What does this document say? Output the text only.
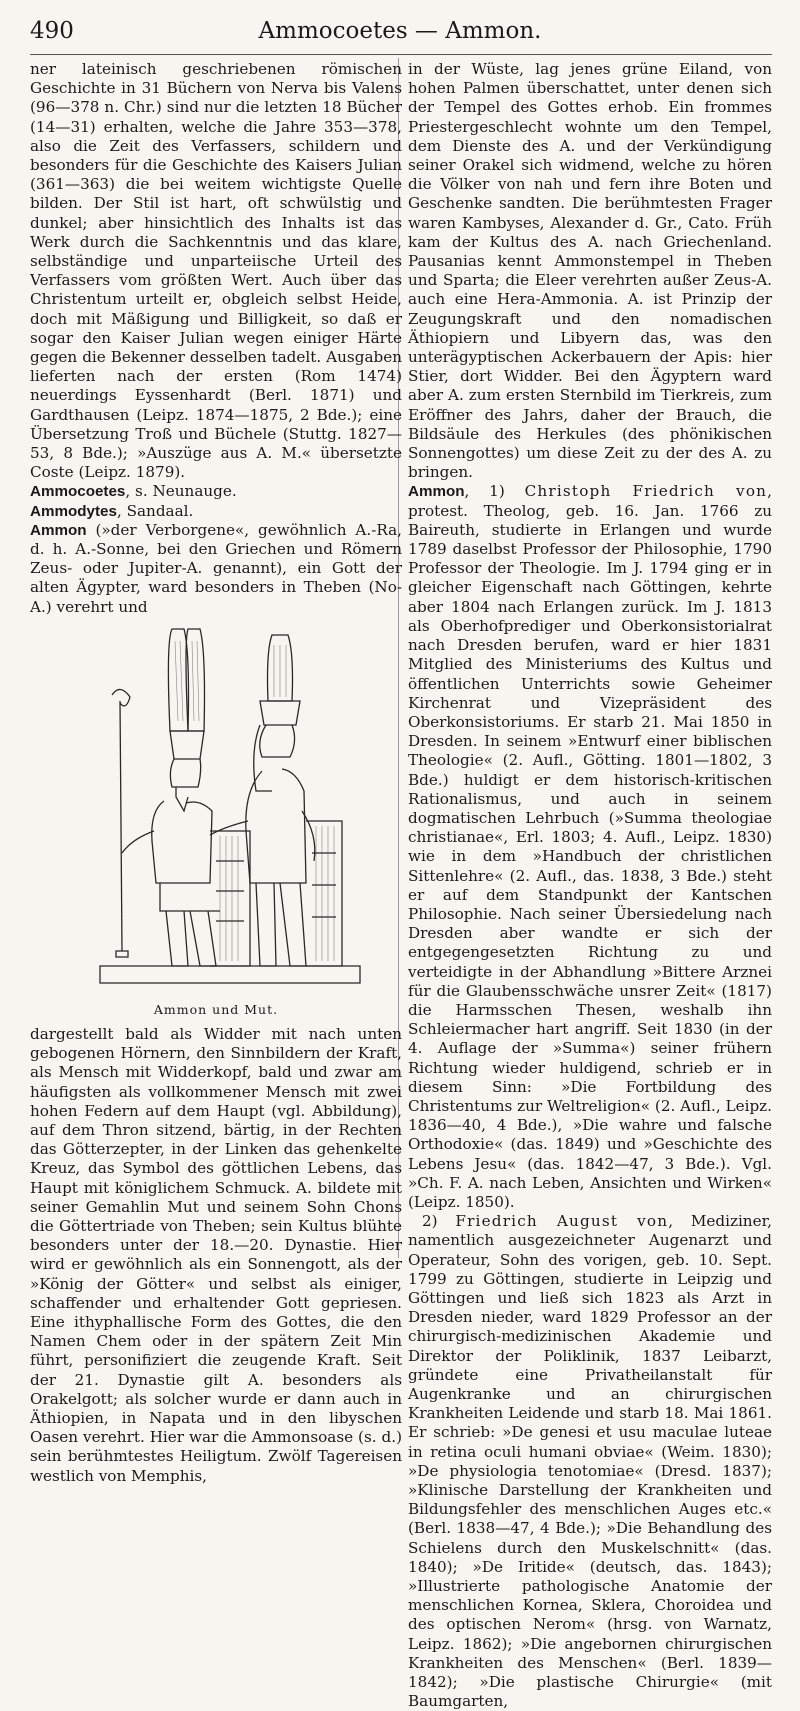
490	Ammocoetes — Ammon.

ner lateinisch geschriebenen römischen Geschichte in 31 Büchern von Nerva bis Valens (96—378 n. Chr.) sind nur die letzten 18 Bücher (14—31) erhalten, welche die Jahre 353—378, also die Zeit des Verfassers, schildern und besonders für die Geschichte des Kaisers Julian (361—363) die bei weitem wichtigste Quelle bilden. Der Stil ist hart, oft schwülstig und dunkel; aber hinsichtlich des Inhalts ist das Werk durch die Sachkenntnis und das klare, selbständige und unparteiische Urteil des Verfassers vom größten Wert. Auch über das Christentum urteilt er, obgleich selbst Heide, doch mit Mäßigung und Billigkeit, so daß er sogar den Kaiser Julian wegen einiger Härte gegen die Bekenner desselben tadelt. Ausgaben lieferten nach der ersten (Rom 1474) neuerdings Eyssenhardt (Berl. 1871) und Gardthausen (Leipz. 1874—1875, 2 Bde.); eine Übersetzung Troß und Büchele (Stuttg. 1827—53, 8 Bde.); »Auszüge aus A. M.« übersetzte Coste (Leipz. 1879).

Ammocoetes, s. Neunauge.

Ammodytes, Sandaal.

Ammon (»der Verborgene«, gewöhnlich A.-Ra, d. h. A.-Sonne, bei den Griechen und Römern Zeus- oder Jupiter-A. genannt), ein Gott der alten Ägypter, ward besonders in Theben (No-A.) verehrt und

Ammon und Mut.

dargestellt bald als Widder mit nach unten gebogenen Hörnern, den Sinnbildern der Kraft, als Mensch mit Widderkopf, bald und zwar am häufigsten als vollkommener Mensch mit zwei hohen Federn auf dem Haupt (vgl. Abbildung), auf dem Thron sitzend, bärtig, in der Rechten das Götterzepter, in der Linken das gehenkelte Kreuz, das Symbol des göttlichen Lebens, das Haupt mit königlichem Schmuck. A. bildete mit seiner Gemahlin Mut und seinem Sohn Chons die Göttertriade von Theben; sein Kultus blühte besonders unter der 18.—20. Dynastie. Hier wird er gewöhnlich als ein Sonnengott, als der »König der Götter« und selbst als einiger, schaffender und erhaltender Gott gepriesen. Eine ithyphallische Form des Gottes, die den Namen Chem oder in der spätern Zeit Min führt, personifiziert die zeugende Kraft. Seit der 21. Dynastie gilt A. besonders als Orakelgott; als solcher wurde er dann auch in Äthiopien, in Napata und in den libyschen Oasen verehrt. Hier war die Ammonsoase (s. d.) sein berühmtestes Heiligtum. Zwölf Tagereisen westlich von Memphis,

in der Wüste, lag jenes grüne Eiland, von hohen Palmen überschattet, unter denen sich der Tempel des Gottes erhob. Ein frommes Priestergeschlecht wohnte um den Tempel, dem Dienste des A. und der Verkündigung seiner Orakel sich widmend, welche zu hören die Völker von nah und fern ihre Boten und Geschenke sandten. Die berühmtesten Frager waren Kambyses, Alexander d. Gr., Cato. Früh kam der Kultus des A. nach Griechenland. Pausanias kennt Ammonstempel in Theben und Sparta; die Eleer verehrten außer Zeus-A. auch eine Hera-Ammonia. A. ist Prinzip der Zeugungskraft und den nomadischen Äthiopiern und Libyern das, was den unterägyptischen Ackerbauern der Apis: hier Stier, dort Widder. Bei den Ägyptern ward aber A. zum ersten Sternbild im Tierkreis, zum Eröffner des Jahrs, daher der Brauch, die Bildsäule des Herkules (des phönikischen Sonnengottes) um diese Zeit zu der des A. zu bringen.

Ammon, 1) Christoph Friedrich von, protest. Theolog, geb. 16. Jan. 1766 zu Baireuth, studierte in Erlangen und wurde 1789 daselbst Professor der Philosophie, 1790 Professor der Theologie. Im J. 1794 ging er in gleicher Eigenschaft nach Göttingen, kehrte aber 1804 nach Erlangen zurück. Im J. 1813 als Oberhofprediger und Oberkonsistorialrat nach Dresden berufen, ward er hier 1831 Mitglied des Ministeriums des Kultus und öffentlichen Unterrichts sowie Geheimer Kirchenrat und Vizepräsident des Oberkonsistoriums. Er starb 21. Mai 1850 in Dresden. In seinem »Entwurf einer biblischen Theologie« (2. Aufl., Götting. 1801—1802, 3 Bde.) huldigt er dem historisch-kritischen Rationalismus, und auch in seinem dogmatischen Lehrbuch (»Summa theologiae christianae«, Erl. 1803; 4. Aufl., Leipz. 1830) wie in dem »Handbuch der christlichen Sittenlehre« (2. Aufl., das. 1838, 3 Bde.) steht er auf dem Standpunkt der Kantschen Philosophie. Nach seiner Übersiedelung nach Dresden aber wandte er sich der entgegengesetzten Richtung zu und verteidigte in der Abhandlung »Bittere Arznei für die Glaubensschwäche unsrer Zeit« (1817) die Harmsschen Thesen, weshalb ihn Schleiermacher hart angriff. Seit 1830 (in der 4. Auflage der »Summa«) seiner frühern Richtung wieder huldigend, schrieb er in diesem Sinn: »Die Fortbildung des Christentums zur Weltreligion« (2. Aufl., Leipz. 1836—40, 4 Bde.), »Die wahre und falsche Orthodoxie« (das. 1849) und »Geschichte des Lebens Jesu« (das. 1842—47, 3 Bde.). Vgl. »Ch. F. A. nach Leben, Ansichten und Wirken« (Leipz. 1850).

2) Friedrich August von, Mediziner, namentlich ausgezeichneter Augenarzt und Operateur, Sohn des vorigen, geb. 10. Sept. 1799 zu Göttingen, studierte in Leipzig und Göttingen und ließ sich 1823 als Arzt in Dresden nieder, ward 1829 Professor an der chirurgisch-medizinischen Akademie und Direktor der Poliklinik, 1837 Leibarzt, gründete eine Privatheilanstalt für Augenkranke und an chirurgischen Krankheiten Leidende und starb 18. Mai 1861. Er schrieb: »De genesi et usu maculae luteae in retina oculi humani obviae« (Weim. 1830); »De physiologia tenotomiae« (Dresd. 1837); »Klinische Darstellung der Krankheiten und Bildungsfehler des menschlichen Auges etc.« (Berl. 1838—47, 4 Bde.); »Die Behandlung des Schielens durch den Muskelschnitt« (das. 1840); »De Iritide« (deutsch, das. 1843); »Illustrierte pathologische Anatomie der menschlichen Kornea, Sklera, Choroidea und des optischen Nerom« (hrsg. von Warnatz, Leipz. 1862); »Die angebornen chirurgischen Krankheiten des Menschen« (Berl. 1839—1842); »Die plastische Chirurgie« (mit Baumgarten,
